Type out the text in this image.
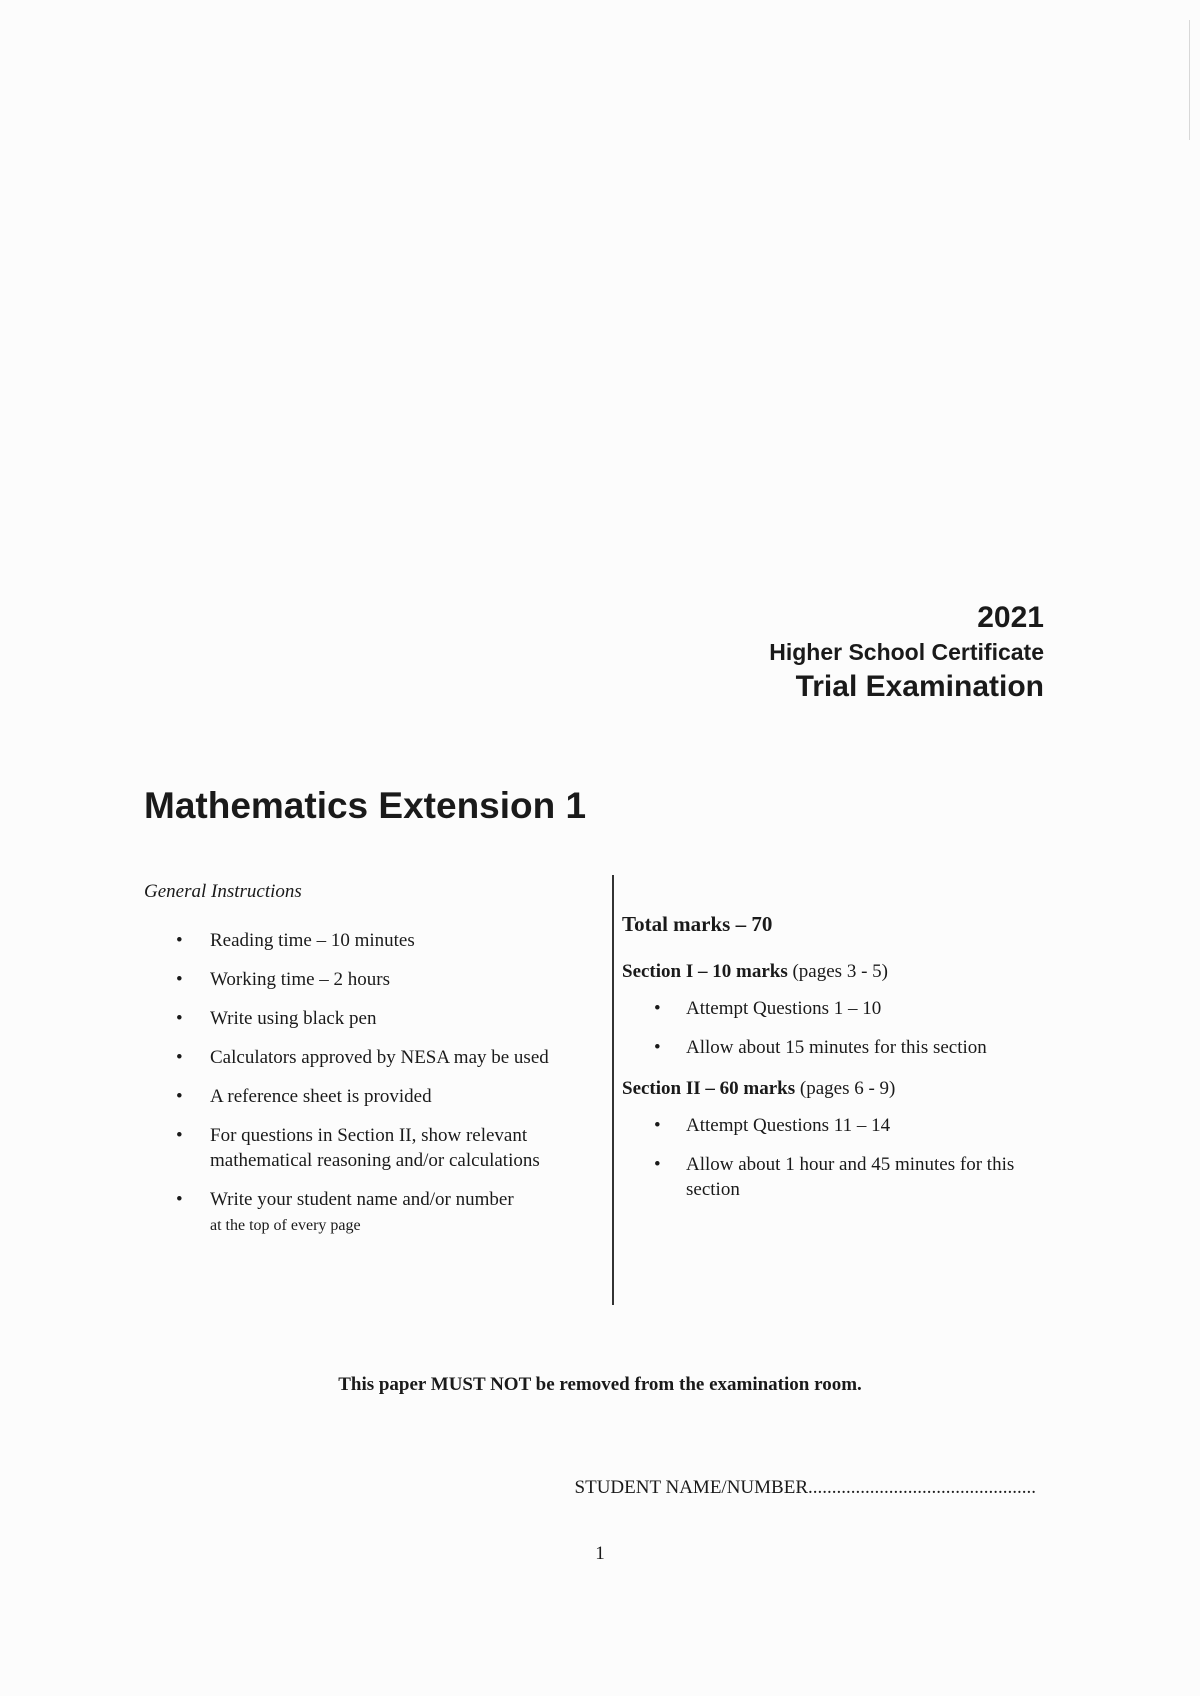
2021
Higher School Certificate
Trial Examination
Mathematics Extension 1
General Instructions
• Reading time – 10 minutes
• Working time – 2 hours
• Write using black pen
• Calculators approved by NESA may be used
• A reference sheet is provided
• For questions in Section II, show relevant mathematical reasoning and/or calculations
• Write your student name and/or number
at the top of every page
Total marks – 70
Section I – 10 marks (pages 3 - 5)
• Attempt Questions 1 – 10
• Allow about 15 minutes for this section
Section II – 60 marks (pages 6 - 9)
• Attempt Questions 11 – 14
• Allow about 1 hour and 45 minutes for this section
This paper MUST NOT be removed from the examination room.
STUDENT NAME/NUMBER................................................
1
